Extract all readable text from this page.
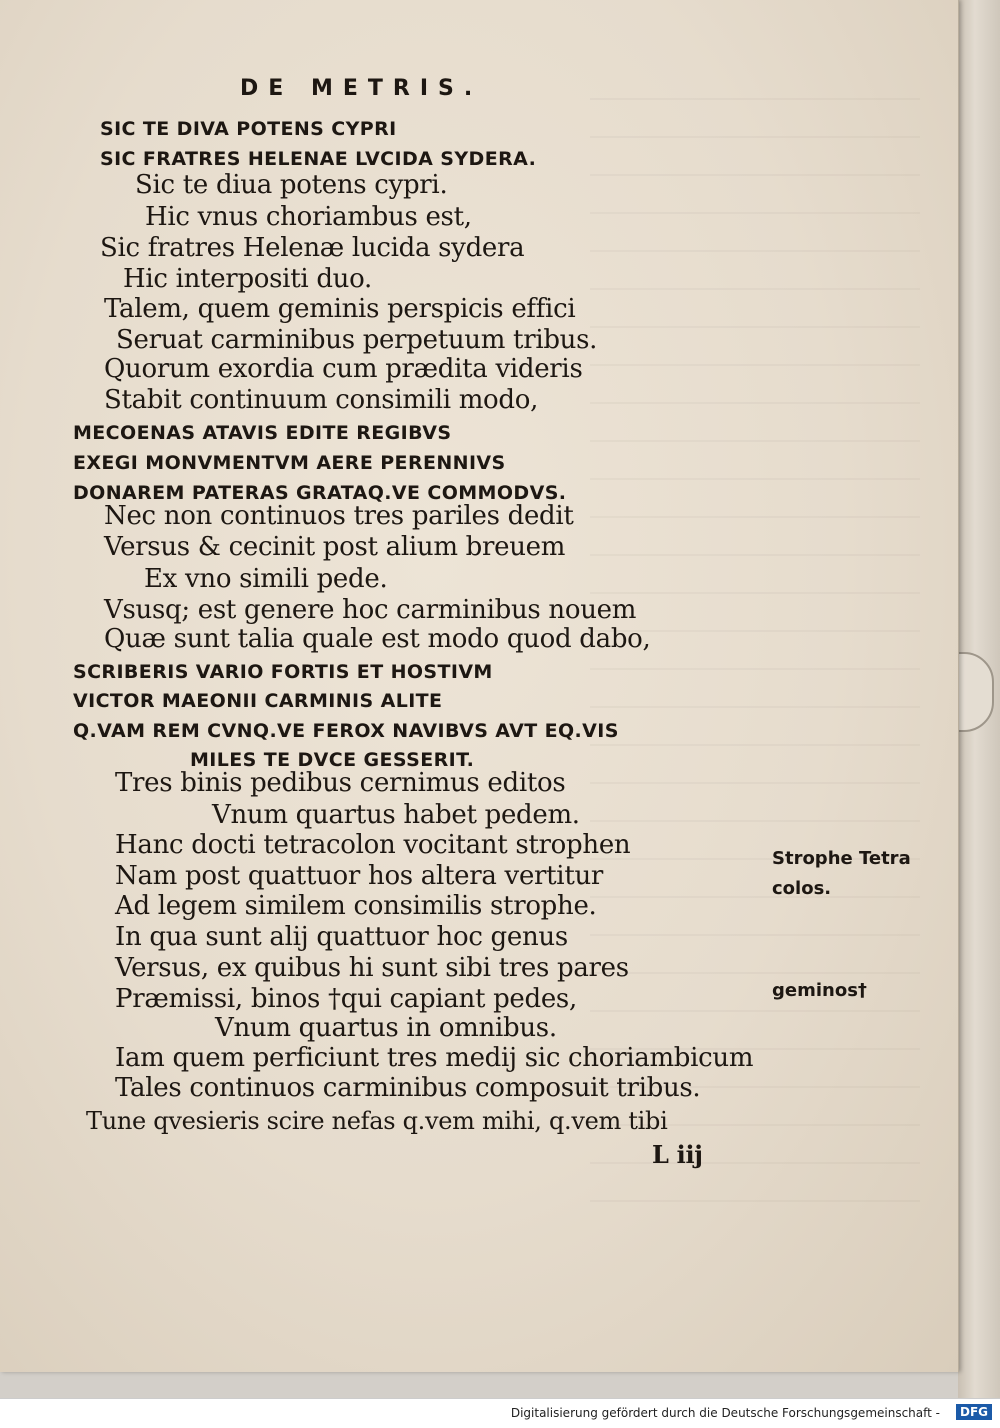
DE METRIS.
SIC TE DIVA POTENS CYPRI
SIC FRATRES HELENAE LVCIDA SYDERA.
Sic te diua potens cypri.
Hic vnus choriambus est,
Sic fratres Helenæ lucida sydera
Hic interpositi duo.
Talem, quem geminis perspicis effici
Seruat carminibus perpetuum tribus.
Quorum exordia cum prædita videris
Stabit continuum consimili modo,
MECOENAS ATAVIS EDITE REGIBVS
EXEGI MONVMENTVM AERE PERENNIVS
DONAREM PATERAS GRATAQ.VE COMMODVS.
Nec non continuos tres pariles dedit
Versus & cecinit post alium breuem
Ex vno simili pede.
Vsusq; est genere hoc carminibus nouem
Quæ sunt talia quale est modo quod dabo,
SCRIBERIS VARIO FORTIS ET HOSTIVM
VICTOR MAEONII CARMINIS ALITE
Q.VAM REM CVNQ.VE FEROX NAVIBVS AVT EQ.VIS
MILES TE DVCE GESSERIT.
Tres binis pedibus cernimus editos
Vnum quartus habet pedem.
Hanc docti tetracolon vocitant strophen
Nam post quattuor hos altera vertitur
Ad legem similem consimilis strophe.
In qua sunt alij quattuor hoc genus
Versus, ex quibus hi sunt sibi tres pares
Præmissi, binos †qui capiant pedes,
Vnum quartus in omnibus.
Iam quem perficiunt tres medij sic choriambicum
Tales continuos carminibus composuit tribus.
Tune qvesieris scire nefas q.vem mihi, q.vem tibi
L iij
Strophe Tetra colos.
geminos†
Digitalisierung gefördert durch die Deutsche Forschungsgemeinschaft -	DFG
